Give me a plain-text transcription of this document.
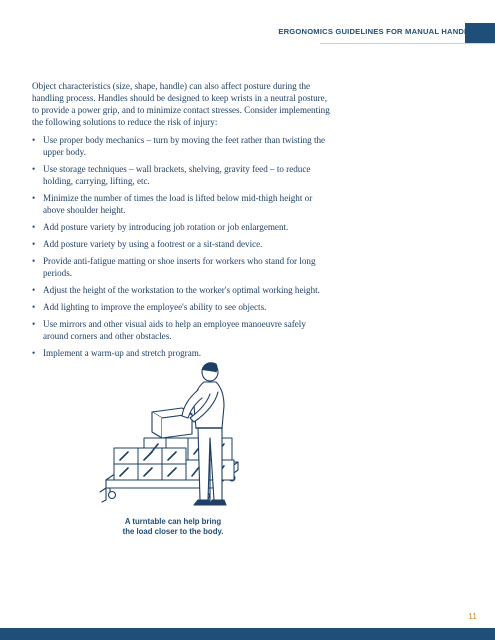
ERGONOMICS GUIDELINES FOR MANUAL HANDLING

Object characteristics (size, shape, handle) can also affect posture during the handling process. Handles should be designed to keep wrists in a neutral posture, to provide a power grip, and to minimize contact stresses. Consider implementing the following solutions to reduce the risk of injury:

• Use proper body mechanics – turn by moving the feet rather than twisting the upper body.
• Use storage techniques – wall brackets, shelving, gravity feed – to reduce holding, carrying, lifting, etc.
• Minimize the number of times the load is lifted below mid-thigh height or above shoulder height.
• Add posture variety by introducing job rotation or job enlargement.
• Add posture variety by using a footrest or a sit-stand device.
• Provide anti-fatigue matting or shoe inserts for workers who stand for long periods.
• Adjust the height of the workstation to the worker's optimal working height.
• Add lighting to improve the employee's ability to see objects.
• Use mirrors and other visual aids to help an employee manoeuvre safely around corners and other obstacles.
• Implement a warm-up and stretch program.
A turntable can help bring the load closer to the body.
11
